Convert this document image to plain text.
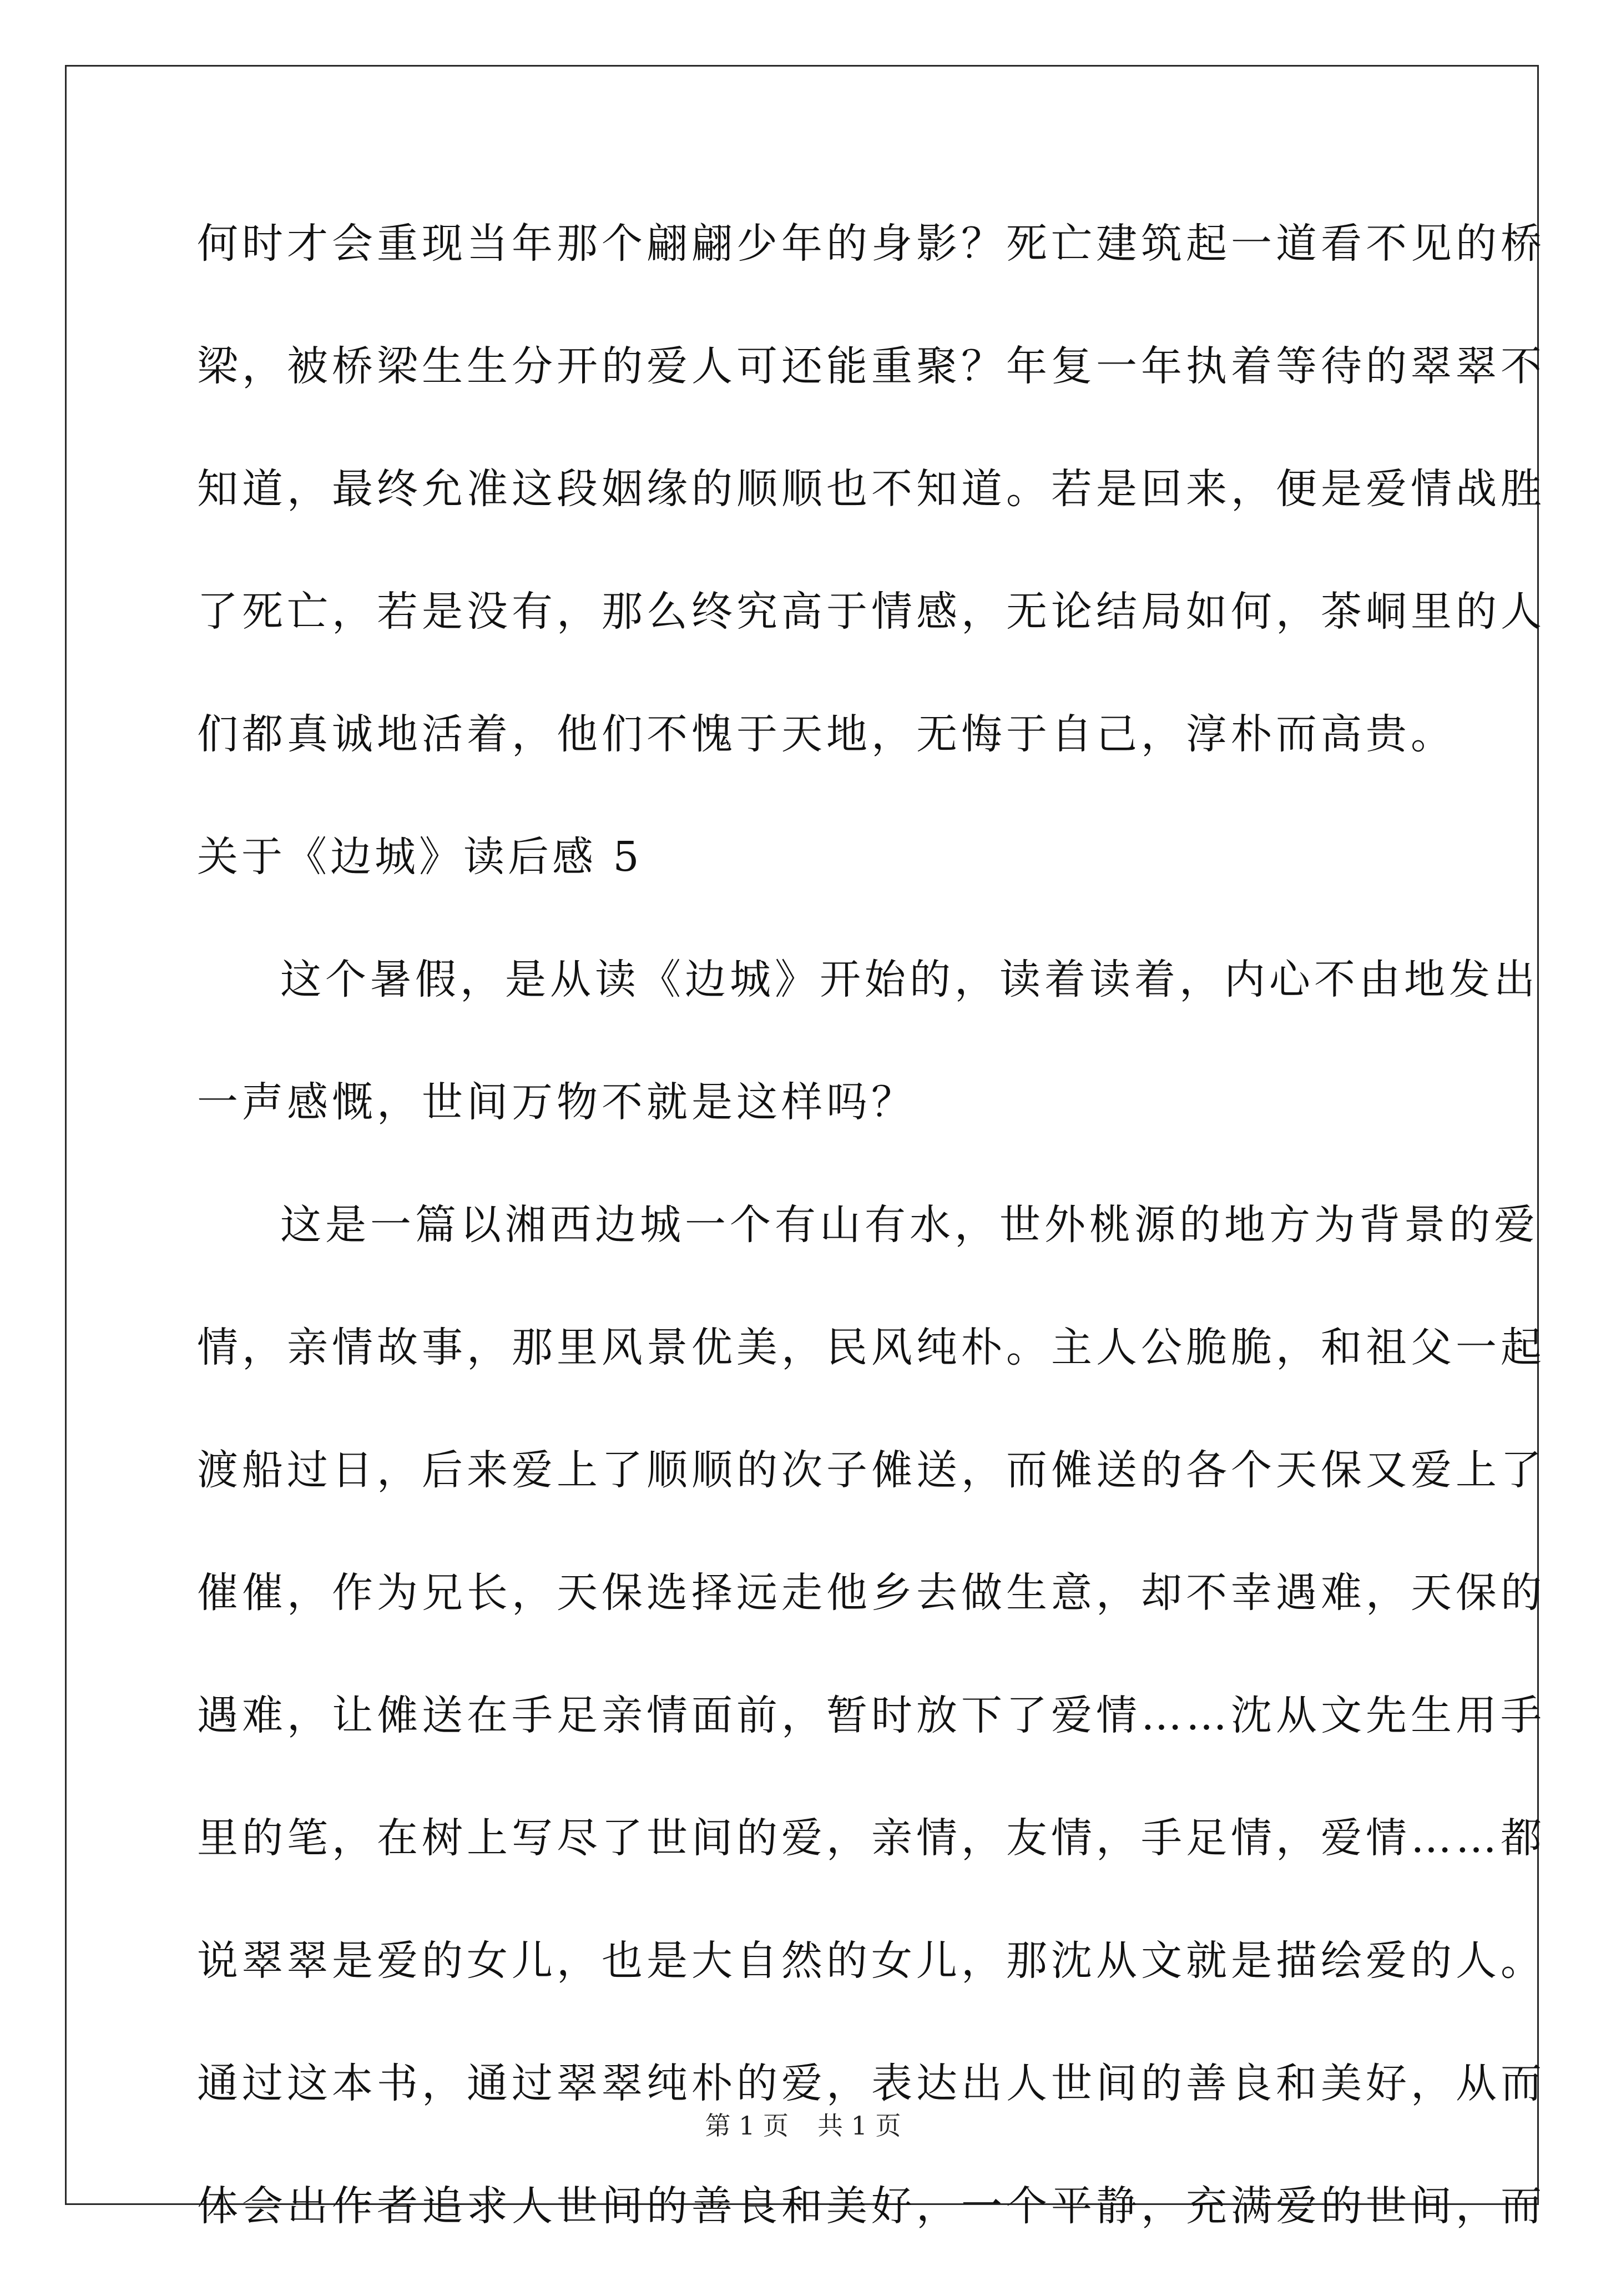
何时才会重现当年那个翩翩少年的身影？死亡建筑起一道看不见的桥

梁，被桥梁生生分开的爱人可还能重聚？年复一年执着等待的翠翠不

知道，最终允准这段姻缘的顺顺也不知道。若是回来，便是爱情战胜

了死亡，若是没有，那么终究高于情感，无论结局如何，茶峒里的人

们都真诚地活着，他们不愧于天地，无悔于自己，淳朴而高贵。

关于《边城》读后感 5

这个暑假，是从读《边城》开始的，读着读着，内心不由地发出

一声感慨，世间万物不就是这样吗？

这是一篇以湘西边城一个有山有水，世外桃源的地方为背景的爱

情，亲情故事，那里风景优美，民风纯朴。主人公脆脆，和祖父一起

渡船过日，后来爱上了顺顺的次子傩送，而傩送的各个天保又爱上了

催催，作为兄长，天保选择远走他乡去做生意，却不幸遇难，天保的

遇难，让傩送在手足亲情面前，暂时放下了爱情……沈从文先生用手

里的笔，在树上写尽了世间的爱，亲情，友情，手足情，爱情……都

说翠翠是爱的女儿，也是大自然的女儿，那沈从文就是描绘爱的人。

通过这本书，通过翠翠纯朴的爱，表达出人世间的善良和美好，从而

体会出作者追求人世间的善良和美好，一个平静，充满爱的世间，而

第 1 页 共 1 页
